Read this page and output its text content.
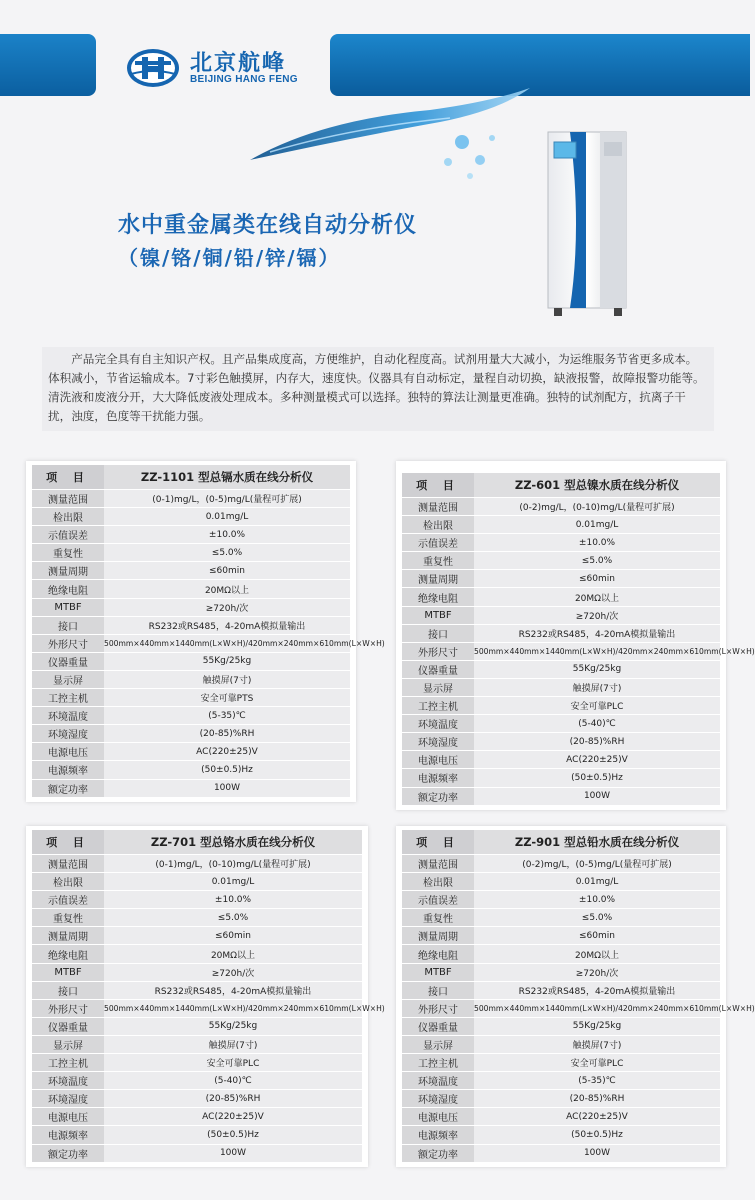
北京航峰
BEIJING HANG FENG
水中重金属类在线自动分析仪
（镍/铬/铜/铅/锌/镉）

产品完全具有自主知识产权。且产品集成度高，方便维护，自动化程度高。试剂用量大大减小，为运维服务节省更多成本。体积减小，节省运输成本。7寸彩色触摸屏，内存大，速度快。仪器具有自动标定，量程自动切换，缺液报警，故障报警功能等。清洗液和废液分开，大大降低废液处理成本。多种测量模式可以选择。独特的算法让测量更准确。独特的试剂配方，抗离子干扰，浊度，色度等干扰能力强。

项 目	ZZ-1101 型总镉水质在线分析仪
测量范围	(0-1)mg/L，(0-5)mg/L(量程可扩展)
检出限	0.01mg/L
示值误差	±10.0%
重复性	≤5.0%
测量周期	≤60min
绝缘电阻	20MΩ以上
MTBF	≥720h/次
接口	RS232或RS485，4-20mA模拟量输出
外形尺寸	500mm×440mm×1440mm(L×W×H)/420mm×240mm×610mm(L×W×H)
仪器重量	55Kg/25kg
显示屏	触摸屏(7寸)
工控主机	安全可靠PTS
环境温度	(5-35)℃
环境湿度	(20-85)%RH
电源电压	AC(220±25)V
电源频率	(50±0.5)Hz
额定功率	100W
项 目	ZZ-601 型总镍水质在线分析仪
测量范围	(0-2)mg/L，(0-10)mg/L(量程可扩展)
检出限	0.01mg/L
示值误差	±10.0%
重复性	≤5.0%
测量周期	≤60min
绝缘电阻	20MΩ以上
MTBF	≥720h/次
接口	RS232或RS485，4-20mA模拟量输出
外形尺寸	500mm×440mm×1440mm(L×W×H)/420mm×240mm×610mm(L×W×H)
仪器重量	55Kg/25kg
显示屏	触摸屏(7寸)
工控主机	安全可靠PLC
环境温度	(5-40)℃
环境湿度	(20-85)%RH
电源电压	AC(220±25)V
电源频率	(50±0.5)Hz
额定功率	100W
项 目	ZZ-701 型总铬水质在线分析仪
测量范围	(0-1)mg/L，(0-10)mg/L(量程可扩展)
检出限	0.01mg/L
示值误差	±10.0%
重复性	≤5.0%
测量周期	≤60min
绝缘电阻	20MΩ以上
MTBF	≥720h/次
接口	RS232或RS485，4-20mA模拟量输出
外形尺寸	500mm×440mm×1440mm(L×W×H)/420mm×240mm×610mm(L×W×H)
仪器重量	55Kg/25kg
显示屏	触摸屏(7寸)
工控主机	安全可靠PLC
环境温度	(5-40)℃
环境湿度	(20-85)%RH
电源电压	AC(220±25)V
电源频率	(50±0.5)Hz
额定功率	100W
项 目	ZZ-901 型总铅水质在线分析仪
测量范围	(0-2)mg/L，(0-5)mg/L(量程可扩展)
检出限	0.01mg/L
示值误差	±10.0%
重复性	≤5.0%
测量周期	≤60min
绝缘电阻	20MΩ以上
MTBF	≥720h/次
接口	RS232或RS485，4-20mA模拟量输出
外形尺寸	500mm×440mm×1440mm(L×W×H)/420mm×240mm×610mm(L×W×H)
仪器重量	55Kg/25kg
显示屏	触摸屏(7寸)
工控主机	安全可靠PLC
环境温度	(5-35)℃
环境湿度	(20-85)%RH
电源电压	AC(220±25)V
电源频率	(50±0.5)Hz
额定功率	100W
